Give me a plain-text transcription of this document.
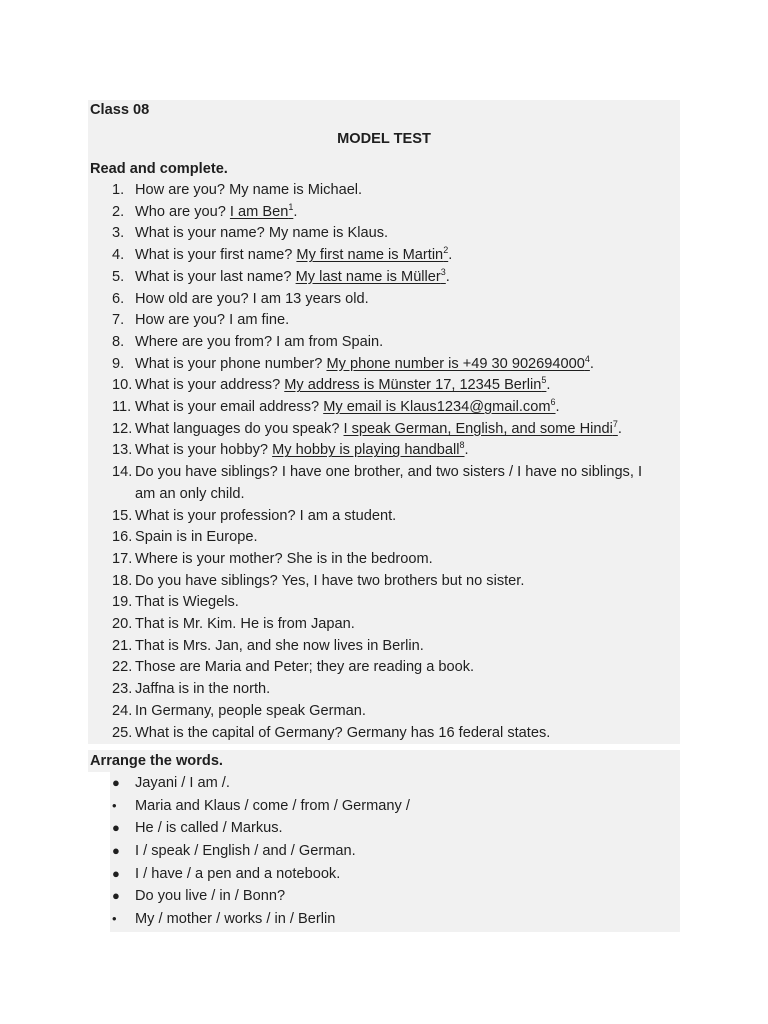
Class 08
MODEL TEST
Read and complete.
1. How are you? My name is Michael.
2. Who are you? I am Ben$^1$.
3. What is your name? My name is Klaus.
4. What is your first name? My first name is Martin$^2$.
5. What is your last name? My last name is Müller$^3$.
6. How old are you? I am 13 years old.
7. How are you? I am fine.
8. Where are you from? I am from Spain.
9. What is your phone number? My phone number is +49 30 902694000$^4$.
10. What is your address? My address is Münster 17, 12345 Berlin$^5$.
11. What is your email address? My email is Klaus1234@gmail.com$^6$.
12. What languages do you speak? I speak German, English, and some Hindi$^7$.
13. What is your hobby? My hobby is playing handball$^8$.
14. Do you have siblings? I have one brother, and two sisters / I have no siblings, I am an only child.
15. What is your profession? I am a student.
16. Spain is in Europe.
17. Where is your mother? She is in the bedroom.
18. Do you have siblings? Yes, I have two brothers but no sister.
19. That is Wiegels.
20. That is Mr. Kim. He is from Japan.
21. That is Mrs. Jan, and she now lives in Berlin.
22. Those are Maria and Peter; they are reading a book.
23. Jaffna is in the north.
24. In Germany, people speak German.
25. What is the capital of Germany? Germany has 16 federal states.
Arrange the words.
●	Jayani / I am /.
•	Maria and Klaus / come / from / Germany /
●	He / is called / Markus.
●	I / speak / English / and / German.
●	I / have / a pen and a notebook.
●	Do you live / in / Bonn?
•	My / mother / works / in / Berlin
